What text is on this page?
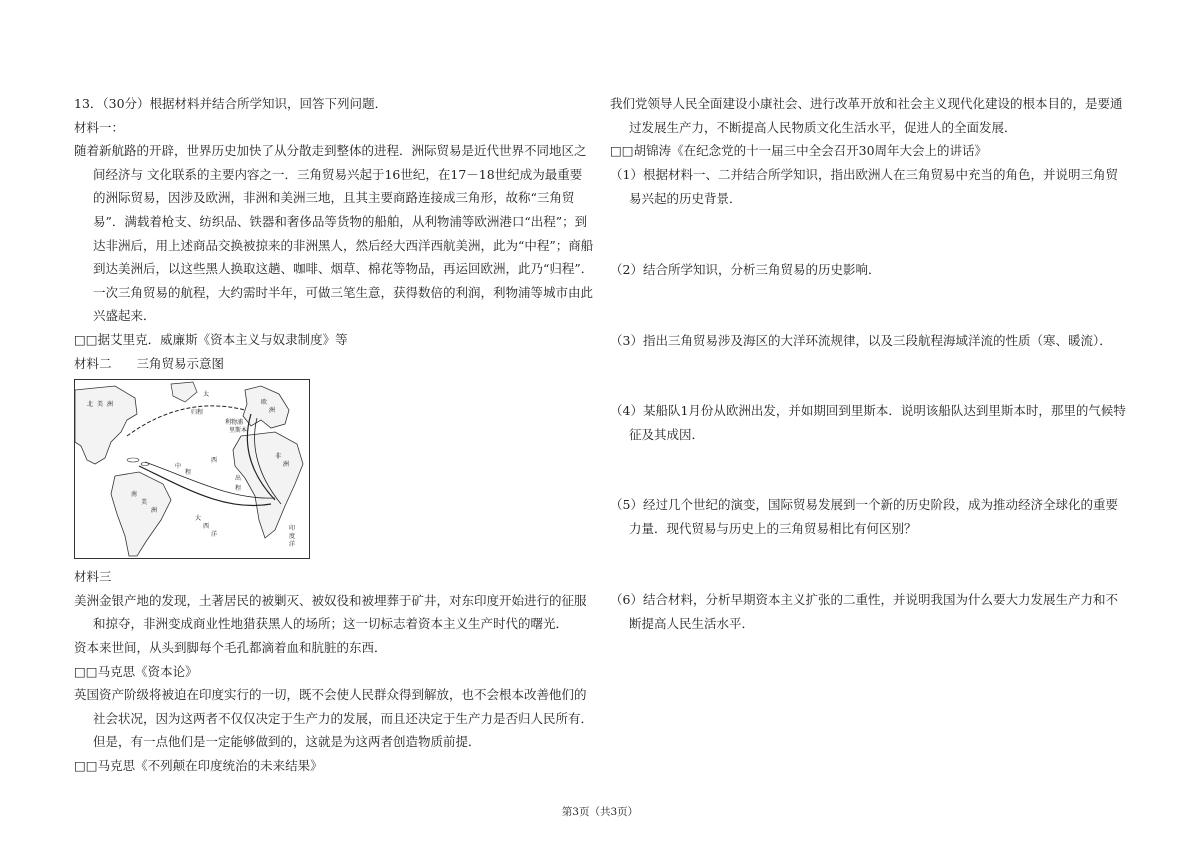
13．（30分）根据材料并结合所学知识，回答下列问题．

材料一：

随着新航路的开辟，世界历史加快了从分散走到整体的进程．洲际贸易是近代世界不同地区之间经济与 文化联系的主要内容之一．三角贸易兴起于16世纪，在17－18世纪成为最重要的洲际贸易，因涉及欧洲，非洲和美洲三地，且其主要商路连接成三角形，故称“三角贸易”．满载着枪支、纺织品、铁器和奢侈品等货物的船舶，从利物浦等欧洲港口“出程”；到达非洲后，用上述商品交换被掠来的非洲黑人，然后经大西洋西航美洲，此为“中程”；商船到达美洲后，以这些黑人换取这趟、咖啡、烟草、棉花等物品，再运回欧洲，此乃“归程”．一次三角贸易的航程，大约需时半年，可做三笔生意，获得数倍的利润，利物浦等城市由此兴盛起来．

□□据艾里克．威廉斯《资本主义与奴隶制度》等

材料二　　三角贸易示意图

北 美 洲
太
欧
洲
归程
西
中
程
非
洲
出
程
南
美
洲
印
度
洋
大
西
洋
利物浦
里斯本

材料三

美洲金银产地的发现，土著居民的被剿灭、被奴役和被埋葬于矿井，对东印度开始进行的征服和掠夺，非洲变成商业性地猎获黑人的场所；这一切标志着资本主义生产时代的曙光．

资本来世间，从头到脚每个毛孔都滴着血和肮脏的东西．

□□马克思《资本论》

英国资产阶级将被迫在印度实行的一切，既不会使人民群众得到解放，也不会根本改善他们的社会状况，因为这两者不仅仅决定于生产力的发展，而且还决定于生产力是否归人民所有．但是，有一点他们是一定能够做到的，这就是为这两者创造物质前提．

□□马克思《不列颠在印度统治的未来结果》

我们党领导人民全面建设小康社会、进行改革开放和社会主义现代化建设的根本目的，是要通过发展生产力，不断提高人民物质文化生活水平，促进人的全面发展．

□□胡锦涛《在纪念党的十一届三中全会召开30周年大会上的讲话》

（1）根据材料一、二并结合所学知识，指出欧洲人在三角贸易中充当的角色，并说明三角贸易兴起的历史背景．

（2）结合所学知识，分析三角贸易的历史影响．

（3）指出三角贸易涉及海区的大洋环流规律，以及三段航程海域洋流的性质（寒、暖流）．

（4）某船队1月份从欧洲出发，并如期回到里斯本．说明该船队达到里斯本时，那里的气候特征及其成因．

（5）经过几个世纪的演变，国际贸易发展到一个新的历史阶段，成为推动经济全球化的重要力量．现代贸易与历史上的三角贸易相比有何区别？

（6）结合材料，分析早期资本主义扩张的二重性，并说明我国为什么要大力发展生产力和不断提高人民生活水平．

第3页（共3页）
